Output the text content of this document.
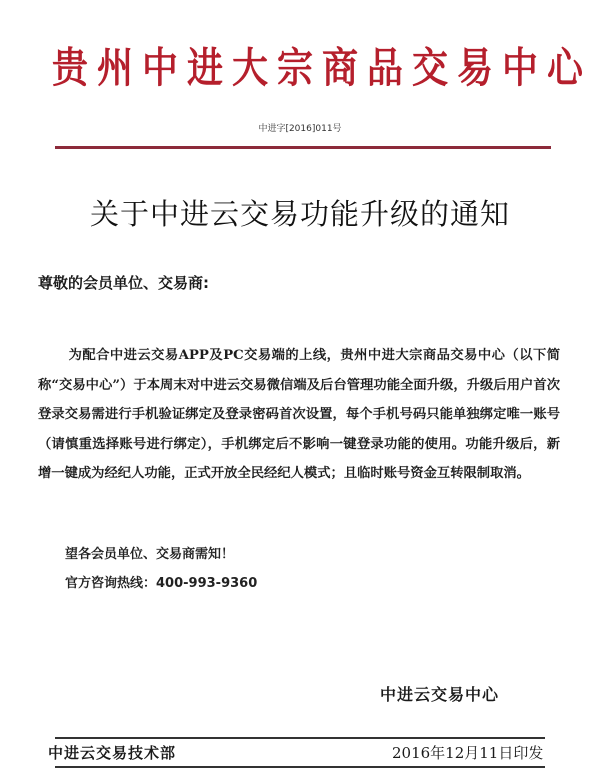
贵州中进大宗商品交易中心
中进字[2016]011号
关于中进云交易功能升级的通知
尊敬的会员单位、交易商:

为配合中进云交易APP及PC交易端的上线，贵州中进大宗商品交易中心（以下简称“交易中心”）于本周末对中进云交易微信端及后台管理功能全面升级，升级后用户首次登录交易需进行手机验证绑定及登录密码首次设置，每个手机号码只能单独绑定唯一账号（请慎重选择账号进行绑定），手机绑定后不影响一键登录功能的使用。功能升级后，新增一键成为经纪人功能，正式开放全民经纪人模式；且临时账号资金互转限制取消。

望各会员单位、交易商需知！
官方咨询热线：400-993-9360
中进云交易中心
中进云交易技术部	2016年12月11日印发
